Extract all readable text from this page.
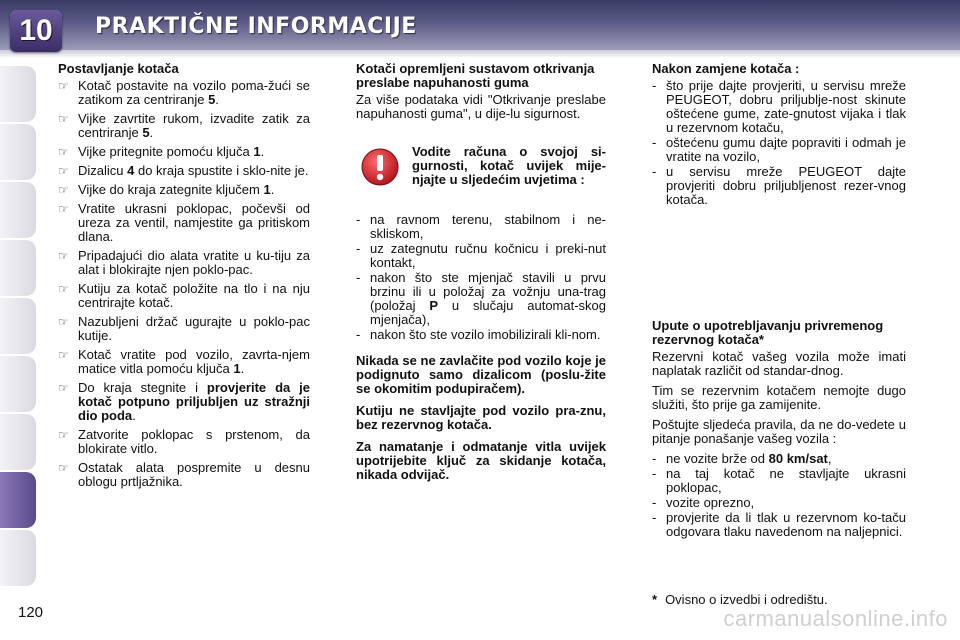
10	PRAKTIČNE INFORMACIJE
Postavljanje kotača
☞ Kotač postavite na vozilo poma-žući se zatikom za centriranje 5.
☞ Vijke zavrtite rukom, izvadite zatik za centriranje 5.
☞ Vijke pritegnite pomoću ključa 1.
☞ Dizalicu 4 do kraja spustite i sklo-nite je.
☞ Vijke do kraja zategnite ključem 1.
☞ Vratite ukrasni poklopac, počevši od ureza za ventil, namjestite ga pritiskom dlana.
☞ Pripadajući dio alata vratite u ku-tiju za alat i blokirajte njen poklo-pac.
☞ Kutiju za kotač položite na tlo i na nju centrirajte kotač.
☞ Nazubljeni držač ugurajte u poklo-pac kutije.
☞ Kotač vratite pod vozilo, zavrta-njem matice vitla pomoću ključa 1.
☞ Do kraja stegnite i provjerite da je kotač potpuno priljubljen uz stražnji dio poda.
☞ Zatvorite poklopac s prstenom, da blokirate vitlo.
☞ Ostatak alata pospremite u desnu oblogu prtljažnika.
Kotači opremljeni sustavom otkrivanja preslabe napuhanosti guma

Za više podataka vidi "Otkrivanje preslabe napuhanosti guma", u dije-lu sigurnost.

Vodite računa o svojoj si-gurnosti, kotač uvijek mije-njajte u sljedećim uvjetima :
- na ravnom terenu, stabilnom i ne-skliskom,
- uz zategnutu ručnu kočnicu i preki-nut kontakt,
- nakon što ste mjenjač stavili u prvu brzinu ili u položaj za vožnju una-trag (položaj P u slučaju automat-skog mjenjača),
- nakon što ste vozilo imobilizirali kli-nom.
Nikada se ne zavlačite pod vozilo koje je podignuto samo dizalicom (poslu-žite se okomitim podupiračem).
Kutiju ne stavljajte pod vozilo pra-znu, bez rezervnog kotača.
Za namatanje i odmatanje vitla uvijek upotrijebite ključ za skidanje kotača, nikada odvijač.
Nakon zamjene kotača :
- što prije dajte provjeriti, u servisu mreže PEUGEOT, dobru priljublje-nost skinute oštećene gume, zate-gnutost vijaka i tlak u rezervnom kotaču,
- oštećenu gumu dajte popraviti i odmah je vratite na vozilo,
- u servisu mreže PEUGEOT dajte provjeriti dobru priljubljenost rezer-vnog kotača.
Upute o upotrebljavanju privremenog rezervnog kotača*

Rezervni kotač vašeg vozila može imati naplatak različit od standar-dnog.

Tim se rezervnim kotačem nemojte dugo služiti, što prije ga zamijenite.

Poštujte sljedeća pravila, da ne do-vedete u pitanje ponašanje vašeg vozila :

- ne vozite brže od 80 km/sat,
- na taj kotač ne stavljajte ukrasni poklopac,
- vozite oprezno,
- provjerite da li tlak u rezervnom ko-taču odgovara tlaku navedenom na naljepnici.
* Ovisno o izvedbi i odredištu.
120	carmanualsonline.info
